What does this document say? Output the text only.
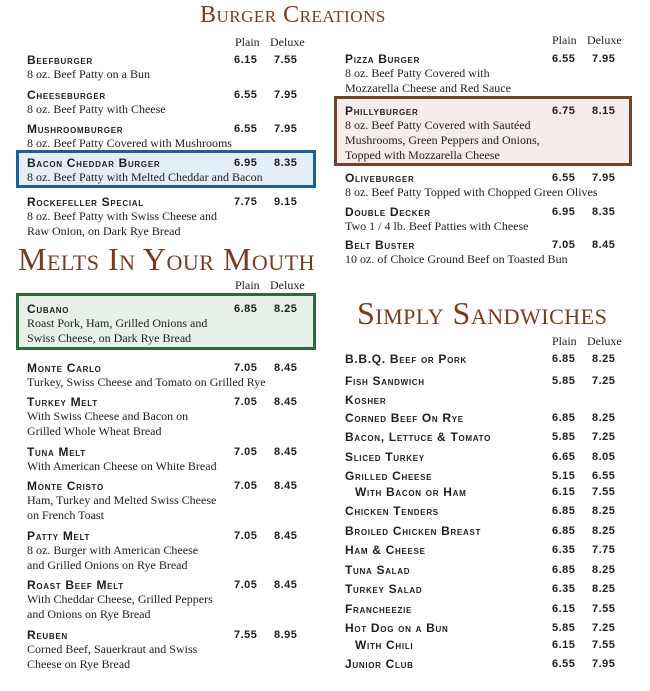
Burger Creations
Melts In Your Mouth
Simply Sandwiches
Plain Deluxe	Plain Deluxe
Plain Deluxe
Plain Deluxe
Beefburger	6.15 7.55
8 oz. Beef Patty on a Bun
Cheeseburger	6.55 7.95
8 oz. Beef Patty with Cheese
Mushroomburger	6.55 7.95
8 oz. Beef Patty Covered with Mushrooms
Bacon Cheddar Burger	6.95 8.35
8 oz. Beef Patty with Melted Cheddar and Bacon
Rockefeller Special	7.75 9.15
8 oz. Beef Patty with Swiss Cheese and
Raw Onion, on Dark Rye Bread
Pizza Burger	6.55 7.95
8 oz. Beef Patty Covered with
Mozzarella Cheese and Red Sauce
Phillyburger	6.75 8.15
8 oz. Beef Patty Covered with Sautéed
Mushrooms, Green Peppers and Onions,
Topped with Mozzarella Cheese
Oliveburger	6.55 7.95
8 oz. Beef Patty Topped with Chopped Green Olives
Double Decker	6.95 8.35
Two 1 / 4 lb. Beef Patties with Cheese
Belt Buster	7.05 8.45
10 oz. of Choice Ground Beef on Toasted Bun
Cubano	6.85 8.25
Roast Pork, Ham, Grilled Onions and
Swiss Cheese, on Dark Rye Bread
Monte Carlo	7.05 8.45
Turkey, Swiss Cheese and Tomato on Grilled Rye
Turkey Melt	7.05 8.45
With Swiss Cheese and Bacon on
Grilled Whole Wheat Bread
Tuna Melt	7.05 8.45
With American Cheese on White Bread
Monte Cristo	7.05 8.45
Ham, Turkey and Melted Swiss Cheese
on French Toast
Patty Melt	7.05 8.45
8 oz. Burger with American Cheese
and Grilled Onions on Rye Bread
Roast Beef Melt	7.05 8.45
With Cheddar Cheese, Grilled Peppers
and Onions on Rye Bread
Reuben	7.55 8.95
Corned Beef, Sauerkraut and Swiss
Cheese on Rye Bread
B.B.Q. Beef or Pork	6.85 8.25
Fish Sandwich	5.85 7.25
Kosher
Corned Beef On Rye	6.85 8.25
Bacon, Lettuce & Tomato	5.85 7.25
Sliced Turkey	6.65 8.05
Grilled Cheese	5.15 6.55
With Bacon or Ham	6.15 7.55
Chicken Tenders	6.85 8.25
Broiled Chicken Breast	6.85 8.25
Ham & Cheese	6.35 7.75
Tuna Salad	6.85 8.25
Turkey Salad	6.35 8.25
Francheezie	6.15 7.55
Hot Dog on a Bun	5.85 7.25
With Chili	6.15 7.55
Junior Club	6.55 7.95
